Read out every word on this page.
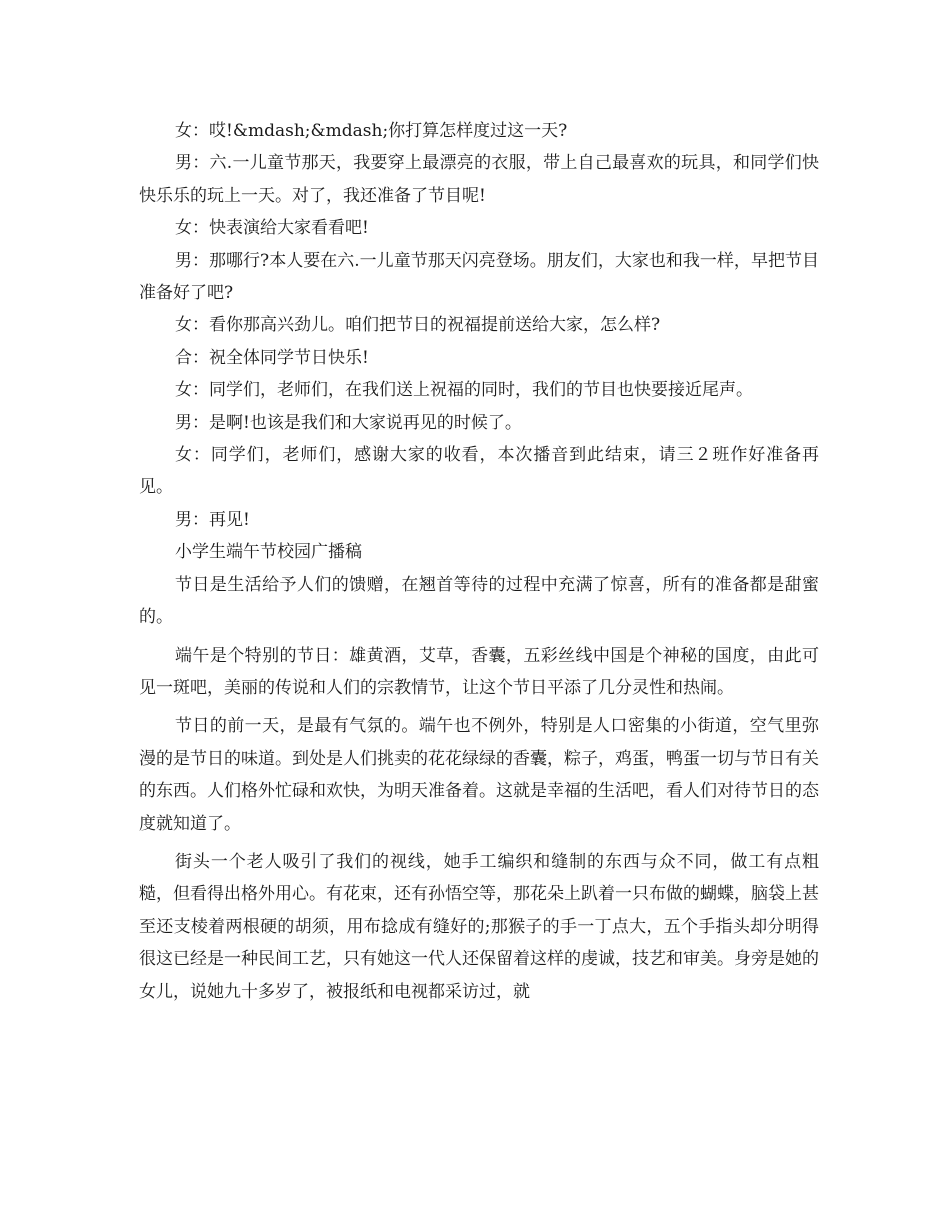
女：哎!&mdash;&mdash;你打算怎样度过这一天?

男：六.一儿童节那天，我要穿上最漂亮的衣服，带上自己最喜欢的玩具，和同学们快快乐乐的玩上一天。对了，我还准备了节目呢!

女：快表演给大家看看吧!

男：那哪行?本人要在六.一儿童节那天闪亮登场。朋友们，大家也和我一样，早把节目准备好了吧?

女：看你那高兴劲儿。咱们把节日的祝福提前送给大家，怎么样?

合：祝全体同学节日快乐!

女：同学们，老师们，在我们送上祝福的同时，我们的节目也快要接近尾声。

男：是啊!也该是我们和大家说再见的时候了。

女：同学们，老师们，感谢大家的收看，本次播音到此结束，请三２班作好准备再见。

男：再见!

小学生端午节校园广播稿

节日是生活给予人们的馈赠，在翘首等待的过程中充满了惊喜，所有的准备都是甜蜜的。

端午是个特别的节日：雄黄酒，艾草，香囊，五彩丝线中国是个神秘的国度，由此可见一斑吧，美丽的传说和人们的宗教情节，让这个节日平添了几分灵性和热闹。

节日的前一天，是最有气氛的。端午也不例外，特别是人口密集的小街道，空气里弥漫的是节日的味道。到处是人们挑卖的花花绿绿的香囊，粽子，鸡蛋，鸭蛋一切与节日有关的东西。人们格外忙碌和欢快，为明天准备着。这就是幸福的生活吧，看人们对待节日的态度就知道了。

街头一个老人吸引了我们的视线，她手工编织和缝制的东西与众不同，做工有点粗糙，但看得出格外用心。有花束，还有孙悟空等，那花朵上趴着一只布做的蝴蝶，脑袋上甚至还支棱着两根硬的胡须，用布捻成有缝好的;那猴子的手一丁点大，五个手指头却分明得很这已经是一种民间工艺，只有她这一代人还保留着这样的虔诚，技艺和审美。身旁是她的女儿，说她九十多岁了，被报纸和电视都采访过，就
